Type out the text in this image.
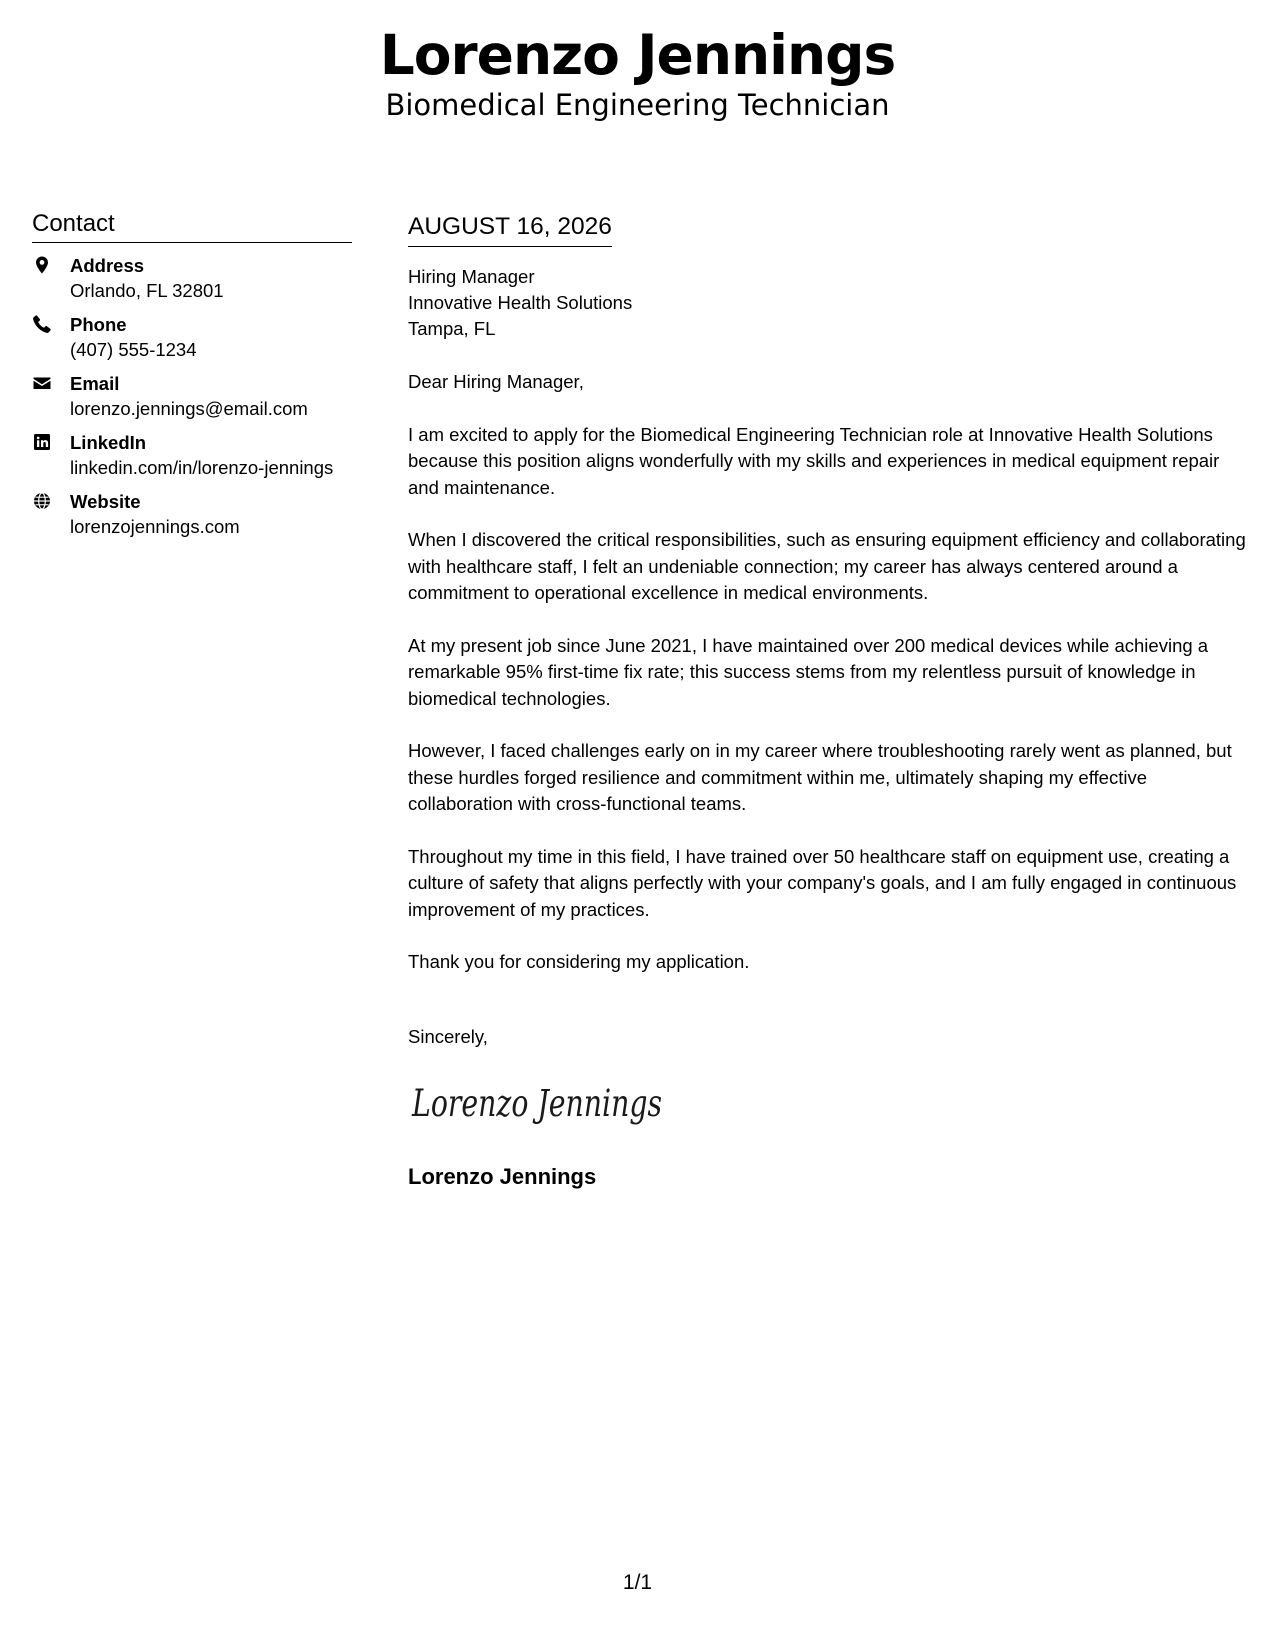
Lorenzo Jennings
Biomedical Engineering Technician
Contact
Address
Orlando, FL 32801
Phone
(407) 555-1234
Email
lorenzo.jennings@email.com
LinkedIn
linkedin.com/in/lorenzo-jennings
Website
lorenzojennings.com
AUGUST 16, 2026
Hiring Manager
Innovative Health Solutions
Tampa, FL

Dear Hiring Manager,

I am excited to apply for the Biomedical Engineering Technician role at Innovative Health Solutions because this position aligns wonderfully with my skills and experiences in medical equipment repair and maintenance.

When I discovered the critical responsibilities, such as ensuring equipment efficiency and collaborating with healthcare staff, I felt an undeniable connection; my career has always centered around a commitment to operational excellence in medical environments.

At my present job since June 2021, I have maintained over 200 medical devices while achieving a remarkable 95% first-time fix rate; this success stems from my relentless pursuit of knowledge in biomedical technologies.

However, I faced challenges early on in my career where troubleshooting rarely went as planned, but these hurdles forged resilience and commitment within me, ultimately shaping my effective collaboration with cross-functional teams.

Throughout my time in this field, I have trained over 50 healthcare staff on equipment use, creating a culture of safety that aligns perfectly with your company's goals, and I am fully engaged in continuous improvement of my practices.

Thank you for considering my application.

Sincerely,
Lorenzo Jennings
Lorenzo Jennings
1/1
